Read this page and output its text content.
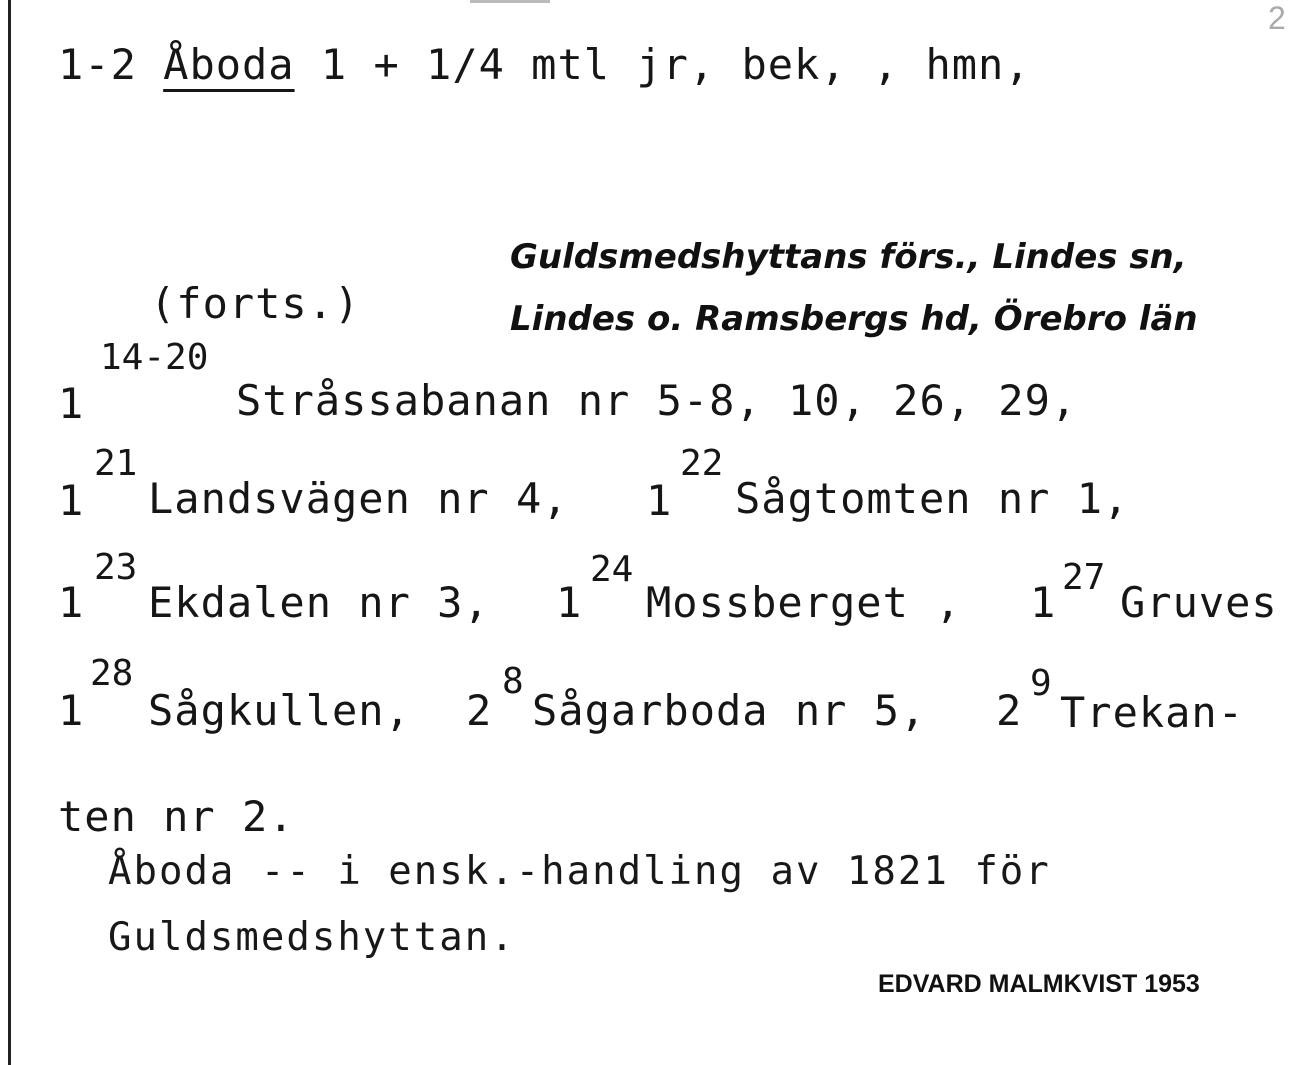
2
1-2 Åboda 1 + 1/4 mtl jr, bek, , hmn,
Guldsmedshyttans förs., Lindes sn,
Lindes o. Ramsbergs hd, Örebro län
(forts.)
1
14-20
Stråssabanan nr 5-8, 10, 26, 29,
1
21
Landsvägen nr 4, 1
22
Sågtomten nr 1,
1
23
Ekdalen nr 3, 1
24
Mossberget , 1
27
Gruves
1
28
Sågkullen, 2
8
Sågarboda nr 5, 2
9
Trekan-
ten nr 2.
Åboda -- i ensk.-handling av 1821 för
Guldsmedshyttan.
EDVARD MALMKVIST 1953
